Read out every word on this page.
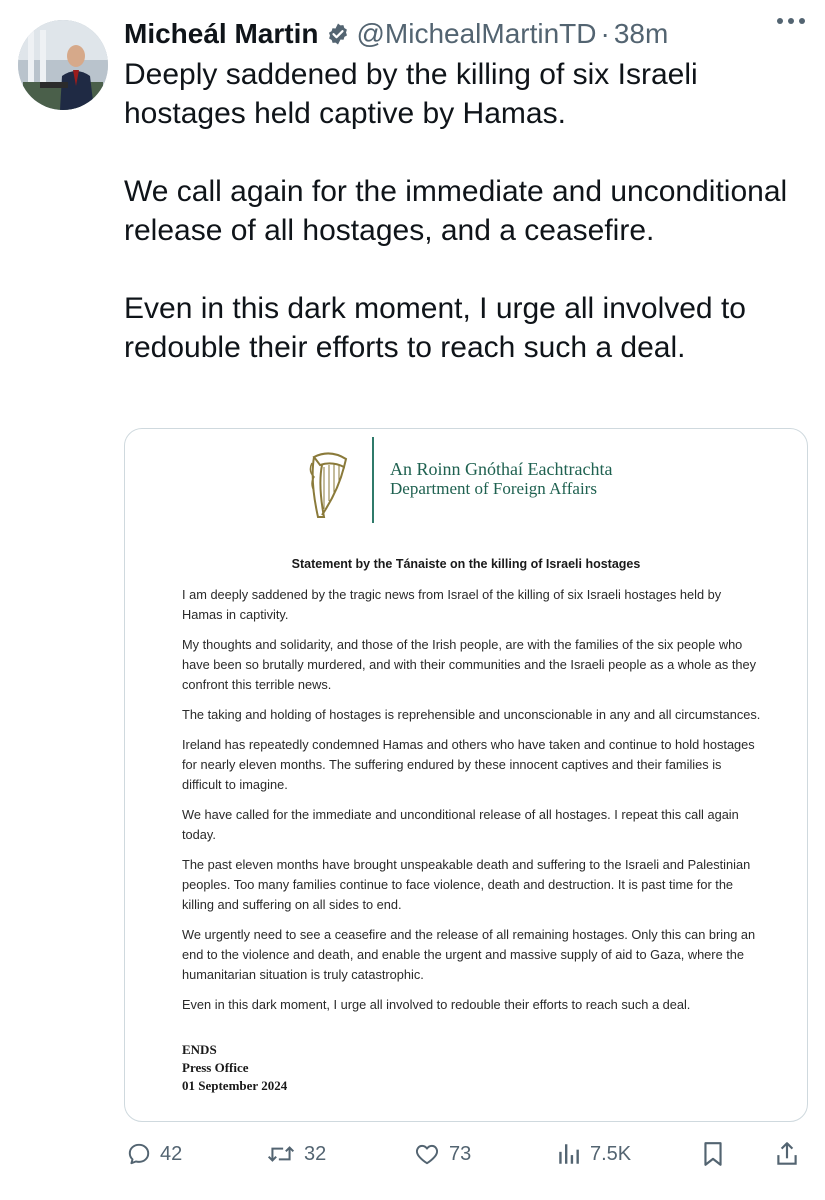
Micheál Martin @MichealMartinTD · 38m

Deeply saddened by the killing of six Israeli hostages held captive by Hamas.

We call again for the immediate and unconditional release of all hostages, and a ceasefire.

Even in this dark moment, I urge all involved to redouble their efforts to reach such a deal.

An Roinn Gnóthaí Eachtrachta
Department of Foreign Affairs
Statement by the Tánaiste on the killing of Israeli hostages

I am deeply saddened by the tragic news from Israel of the killing of six Israeli hostages held by Hamas in captivity.

My thoughts and solidarity, and those of the Irish people, are with the families of the six people who have been so brutally murdered, and with their communities and the Israeli people as a whole as they confront this terrible news.

The taking and holding of hostages is reprehensible and unconscionable in any and all circumstances.

Ireland has repeatedly condemned Hamas and others who have taken and continue to hold hostages for nearly eleven months. The suffering endured by these innocent captives and their families is difficult to imagine.

We have called for the immediate and unconditional release of all hostages. I repeat this call again today.

The past eleven months have brought unspeakable death and suffering to the Israeli and Palestinian peoples. Too many families continue to face violence, death and destruction. It is past time for the killing and suffering on all sides to end.

We urgently need to see a ceasefire and the release of all remaining hostages. Only this can bring an end to the violence and death, and enable the urgent and massive supply of aid to Gaza, where the humanitarian situation is truly catastrophic.

Even in this dark moment, I urge all involved to redouble their efforts to reach such a deal.

ENDS
Press Office
01 September 2024
42	32	73	7.5K
